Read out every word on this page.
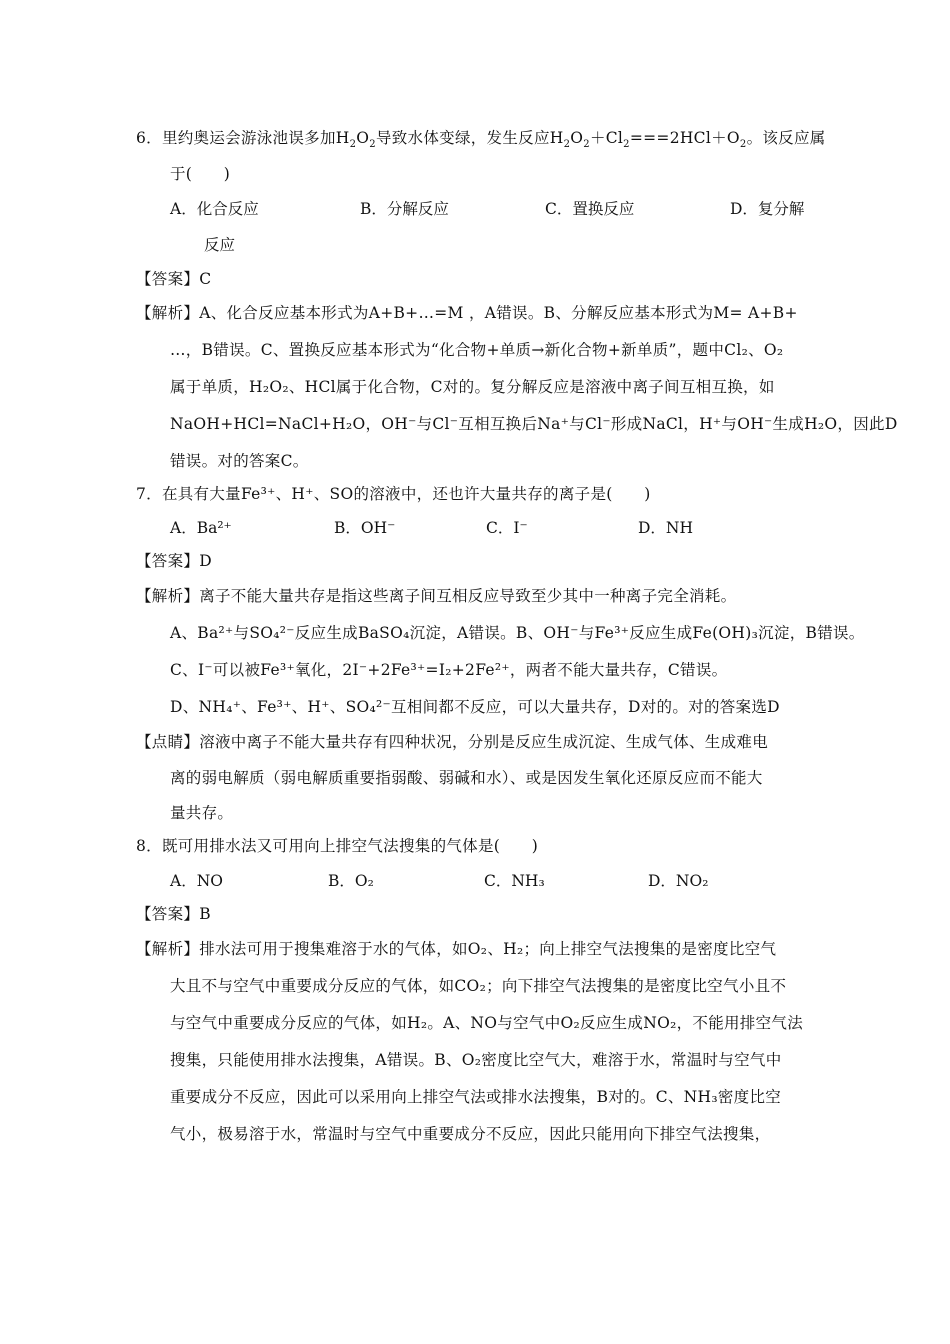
6．里约奥运会游泳池误多加$H_2O_2$导致水体变绿，发生反应$H_2O_2+Cl_2===2HCl+O_2$。该反应属
于(　　)
A．化合反应	B．分解反应	C．置换反应	D．复分解
反应
【答案】C
【解析】A、化合反应基本形式为A+B+…=M ，A错误。B、分解反应基本形式为M= A+B+
…，B错误。C、置换反应基本形式为“化合物+单质→新化合物+新单质”，题中Cl₂、O₂
属于单质，H₂O₂、HCl属于化合物，C对的。复分解反应是溶液中离子间互相互换，如
NaOH+HCl=NaCl+H₂O，OH⁻与Cl⁻互相互换后Na⁺与Cl⁻形成NaCl，H⁺与OH⁻生成H₂O，因此D
错误。对的答案C。
7．在具有大量Fe³⁺、H⁺、SO的溶液中，还也许大量共存的离子是(　　)
A．Ba²⁺	B．OH⁻	C．I⁻	D．NH
【答案】D
【解析】离子不能大量共存是指这些离子间互相反应导致至少其中一种离子完全消耗。
A、Ba²⁺与SO₄²⁻反应生成BaSO₄沉淀，A错误。B、OH⁻与Fe³⁺反应生成Fe(OH)₃沉淀，B错误。
C、I⁻可以被Fe³⁺氧化，2I⁻+2Fe³⁺=I₂+2Fe²⁺，两者不能大量共存，C错误。
D、NH₄⁺、Fe³⁺、H⁺、SO₄²⁻互相间都不反应，可以大量共存，D对的。对的答案选D
【点睛】溶液中离子不能大量共存有四种状况，分别是反应生成沉淀、生成气体、生成难电
离的弱电解质（弱电解质重要指弱酸、弱碱和水）、或是因发生氧化还原反应而不能大
量共存。
8．既可用排水法又可用向上排空气法搜集的气体是(　　)
A．NO	B．O₂	C．NH₃	D．NO₂
【答案】B
【解析】排水法可用于搜集难溶于水的气体，如O₂、H₂；向上排空气法搜集的是密度比空气
大且不与空气中重要成分反应的气体，如CO₂；向下排空气法搜集的是密度比空气小且不
与空气中重要成分反应的气体，如H₂。A、NO与空气中O₂反应生成NO₂，不能用排空气法
搜集，只能使用排水法搜集，A错误。B、O₂密度比空气大，难溶于水，常温时与空气中
重要成分不反应，因此可以采用向上排空气法或排水法搜集，B对的。C、NH₃密度比空
气小，极易溶于水，常温时与空气中重要成分不反应，因此只能用向下排空气法搜集，
